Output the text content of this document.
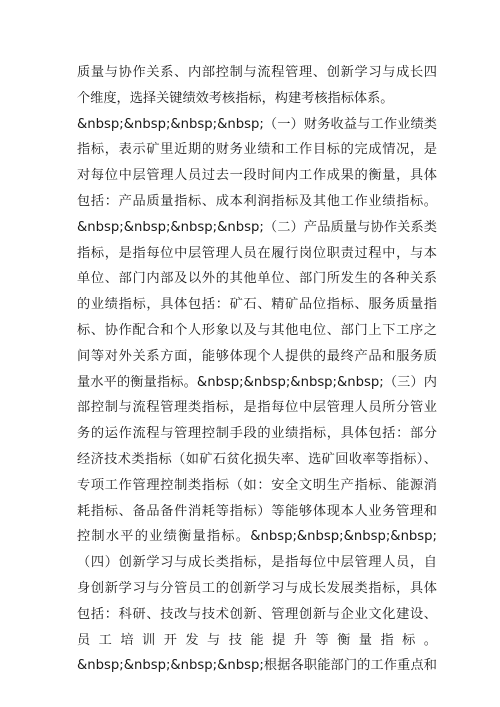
质量与协作关系、内部控制与流程管理、创新学习与成长四
个维度，选择关键绩效考核指标，构建考核指标体系。
&nbsp;&nbsp;&nbsp;&nbsp;（一）财务收益与工作业绩类
指标，表示矿里近期的财务业绩和工作目标的完成情况，是
对每位中层管理人员过去一段时间内工作成果的衡量，具体
包括：产品质量指标、成本利润指标及其他工作业绩指标。
&nbsp;&nbsp;&nbsp;&nbsp;（二）产品质量与协作关系类
指标，是指每位中层管理人员在履行岗位职责过程中，与本
单位、部门内部及以外的其他单位、部门所发生的各种关系
的业绩指标，具体包括：矿石、精矿品位指标、服务质量指
标、协作配合和个人形象以及与其他电位、部门上下工序之
间等对外关系方面，能够体现个人提供的最终产品和服务质
量水平的衡量指标。&nbsp;&nbsp;&nbsp;&nbsp;（三）内
部控制与流程管理类指标，是指每位中层管理人员所分管业
务的运作流程与管理控制手段的业绩指标，具体包括：部分
经济技术类指标（如矿石贫化损失率、选矿回收率等指标）、
专项工作管理控制类指标（如：安全文明生产指标、能源消
耗指标、备品备件消耗等指标）等能够体现本人业务管理和
控制水平的业绩衡量指标。&nbsp;&nbsp;&nbsp;&nbsp;
（四）创新学习与成长类指标，是指每位中层管理人员，自
身创新学习与分管员工的创新学习与成长发展类指标，具体
包括：科研、技改与技术创新、管理创新与企业文化建设、
员工培训开发与技能提升等衡量指标。
&nbsp;&nbsp;&nbsp;&nbsp;根据各职能部门的工作重点和
